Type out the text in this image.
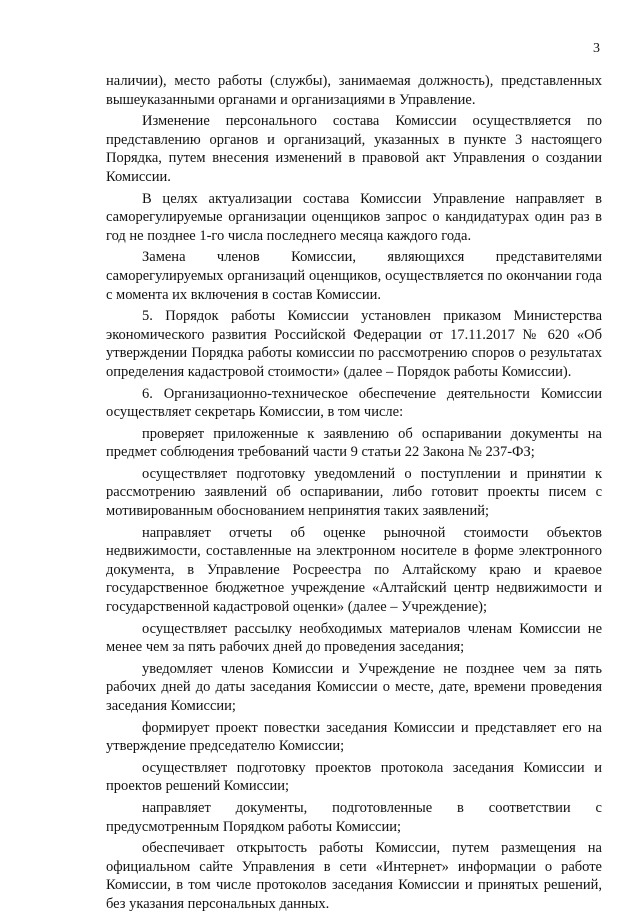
3

наличии), место работы (службы), занимаемая должность), представленных вышеуказанными органами и организациями в Управление.

Изменение персонального состава Комиссии осуществляется по представлению органов и организаций, указанных в пункте 3 настоящего Порядка, путем внесения изменений в правовой акт Управления о создании Комиссии.

В целях актуализации состава Комиссии Управление направляет в саморегулируемые организации оценщиков запрос о кандидатурах один раз в год не позднее 1-го числа последнего месяца каждого года.

Замена членов Комиссии, являющихся представителями саморегулируемых организаций оценщиков, осуществляется по окончании года с момента их включения в состав Комиссии.

5. Порядок работы Комиссии установлен приказом Министерства экономического развития Российской Федерации от 17.11.2017 № 620 «Об утверждении Порядка работы комиссии по рассмотрению споров о результатах определения кадастровой стоимости» (далее – Порядок работы Комиссии).

6. Организационно-техническое обеспечение деятельности Комиссии осуществляет секретарь Комиссии, в том числе:

проверяет приложенные к заявлению об оспаривании документы на предмет соблюдения требований части 9 статьи 22 Закона № 237-ФЗ;

осуществляет подготовку уведомлений о поступлении и принятии к рассмотрению заявлений об оспаривании, либо готовит проекты писем с мотивированным обоснованием непринятия таких заявлений;

направляет отчеты об оценке рыночной стоимости объектов недвижимости, составленные на электронном носителе в форме электронного документа, в Управление Росреестра по Алтайскому краю и краевое государственное бюджетное учреждение «Алтайский центр недвижимости и государственной кадастровой оценки» (далее – Учреждение);

осуществляет рассылку необходимых материалов членам Комиссии не менее чем за пять рабочих дней до проведения заседания;

уведомляет членов Комиссии и Учреждение не позднее чем за пять рабочих дней до даты заседания Комиссии о месте, дате, времени проведения заседания Комиссии;

формирует проект повестки заседания Комиссии и представляет его на утверждение председателю Комиссии;

осуществляет подготовку проектов протокола заседания Комиссии и проектов решений Комиссии;

направляет документы, подготовленные в соответствии с предусмотренным Порядком работы Комиссии;

обеспечивает открытость работы Комиссии, путем размещения на официальном сайте Управления в сети «Интернет» информации о работе Комиссии, в том числе протоколов заседания Комиссии и принятых решений, без указания персональных данных.
